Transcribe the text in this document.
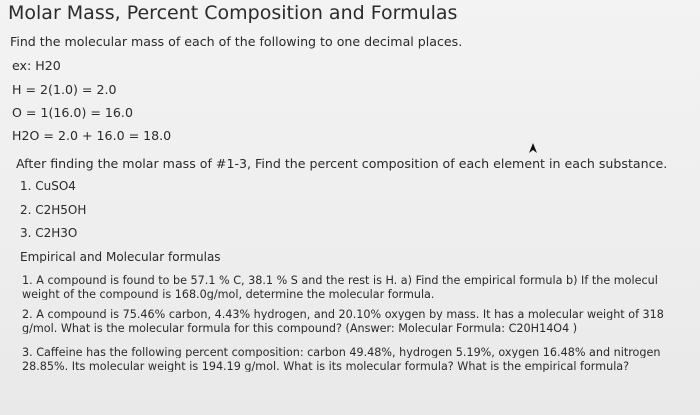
Molar Mass, Percent Composition and Formulas
Find the molecular mass of each of the following to one decimal places.
ex: H20
H = 2(1.0) = 2.0
O = 1(16.0) = 16.0
H2O = 2.0 + 16.0 = 18.0
After finding the molar mass of #1-3, Find the percent composition of each element in each substance.
1. CuSO4
2. C2H5OH
3. C2H3O
Empirical and Molecular formulas
1. A compound is found to be 57.1 % C, 38.1 % S and the rest is H. a) Find the empirical formula b) If the molecul
weight of the compound is 168.0g/mol, determine the molecular formula.
2. A compound is 75.46% carbon, 4.43% hydrogen, and 20.10% oxygen by mass. It has a molecular weight of 318
g/mol. What is the molecular formula for this compound? (Answer: Molecular Formula: C20H14O4 )
3. Caffeine has the following percent composition: carbon 49.48%, hydrogen 5.19%, oxygen 16.48% and nitrogen
28.85%. Its molecular weight is 194.19 g/mol. What is its molecular formula? What is the empirical formula?
